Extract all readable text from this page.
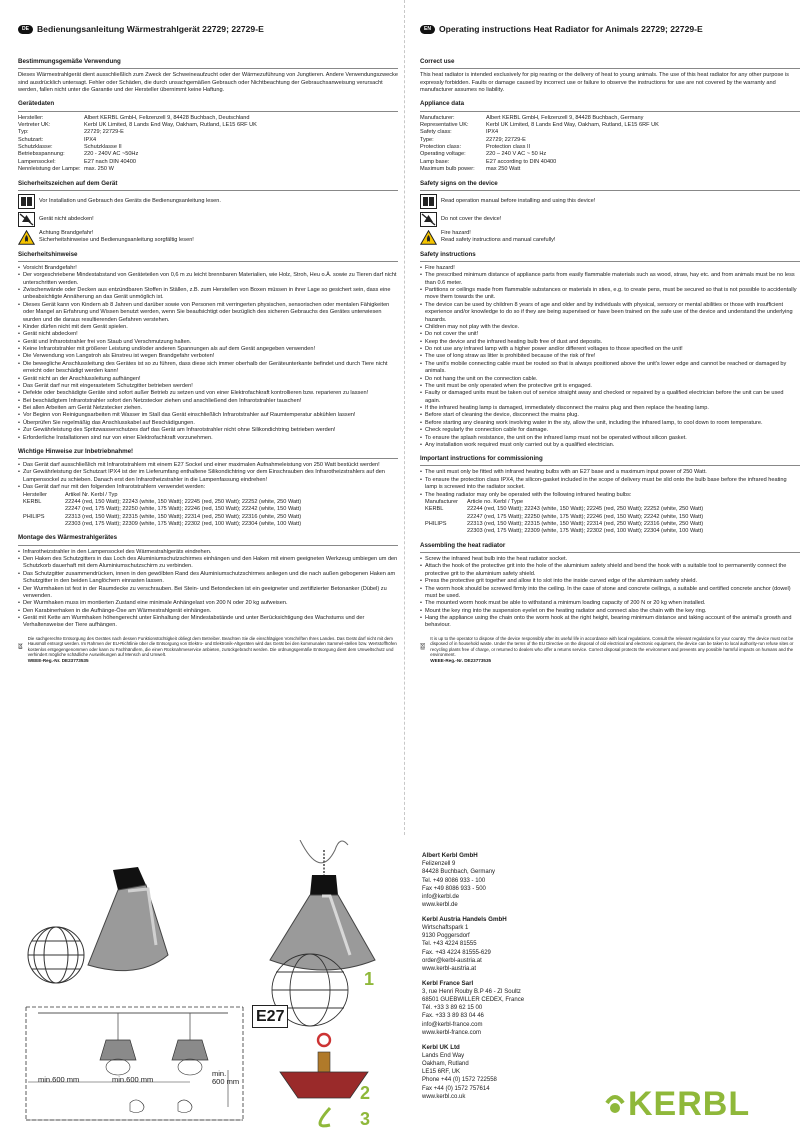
DE Bedienungsanleitung Wärmestrahlgerät 22729; 22729-E	EN Operating instructions Heat Radiator for Animals 22729; 22729-E
Bestimmungsgemäße Verwendung

Dieses Wärmestrahlgerät dient ausschließlich zum Zweck der Schweineaufzucht oder der Wärmezuführung von Jungtieren. Andere Verwendungszwecke sind ausdrücklich untersagt. Fehler oder Schäden, die durch unsachgemäßen Gebrauch oder Nichtbeachtung der Gebrauchsanweisung verursacht werden, fallen nicht unter die Garantie und der Hersteller übernimmt keine Haftung.

Gerätedaten
Hersteller:	Albert KERBL GmbH, Felizenzell 9, 84428 Buchbach, Deutschland
Vertreter UK:	Kerbl UK Limited, 8 Lands End Way, Oakham, Rutland, LE15 6RF UK
Typ:	22729; 22729-E
Schutzart:	IPX4
Schutzklasse:	Schutzklasse II
Betriebsspannung:	220 - 240V AC ~50Hz
Lampensockel:	E27 nach DIN 40400
Nennleistung der Lampe: max. 250 W
Sicherheitszeichen auf dem Gerät
Vor Installation und Gebrauch des Geräts die Bedienungsanleitung lesen.
Gerät nicht abdecken!
Achtung Brandgefahr!
Sicherheitshinweise und Bedienungsanleitung sorgfältig lesen!
Sicherheitshinweise
• Vorsicht Brandgefahr!
• Der vorgeschriebene Mindestabstand von Geräteteilen von 0,6 m zu leicht brennbaren Materialien, wie Holz, Stroh, Heu o.Ä. sowie zu Tieren darf nicht unterschritten werden.
• Zwischenwände oder Decken aus entzündbaren Stoffen in Ställen, z.B. zum Herstellen von Boxen müssen in ihrer Lage so gesichert sein, dass eine unbeabsichtigte Annäherung an das Gerät unmöglich ist.
• Dieses Gerät kann von Kindern ab 8 Jahren und darüber sowie von Personen mit verringerten physischen, sensorischen oder mentalen Fähigkeiten oder Mangel an Erfahrung und Wissen benutzt werden, wenn Sie beaufsichtigt oder bezüglich des sicheren Gebrauchs des Gerätes unterwiesen wurden und die daraus resultierenden Gefahren verstehen.
• Kinder dürfen nicht mit dem Gerät spielen.
• Gerät nicht abdecken!
• Gerät und Infrarotstrahler frei von Staub und Verschmutzung halten.
• Keine Infrarotstrahler mit größerer Leistung und/oder anderen Spannungen als auf dem Gerät angegeben verwenden!
• Die Verwendung von Langstroh als Einstreu ist wegen Brandgefahr verboten!
• Die bewegliche Anschlussleitung des Gerätes ist so zu führen, dass diese sich immer oberhalb der Geräteunterkante befindet und durch Tiere nicht erreicht oder beschädigt werden kann!
• Gerät nicht an der Anschlussleitung aufhängen!
• Das Gerät darf nur mit eingerastetem Schutzgitter betrieben werden!
• Defekte oder beschädigte Geräte sind sofort außer Betrieb zu setzen und von einer Elektrofachkraft kontrollieren bzw. reparieren zu lassen!
• Bei beschädigtem Infrarotstrahler sofort den Netzstecker ziehen und anschließend den Infrarotstrahler tauschen!
• Bei allen Arbeiten am Gerät Netzstecker ziehen.
• Vor Beginn von Reinigungsarbeiten mit Wasser im Stall das Gerät einschließlich Infrarotstrahler auf Raumtemperatur abkühlen lassen!
• Überprüfen Sie regelmäßig das Anschlusskabel auf Beschädigungen.
• Zur Gewährleistung des Spritzwasserschutzes darf das Gerät am Infrarotstrahler nicht ohne Silikondichtring betrieben werden!
• Erforderliche Installationen sind nur von einer Elektrofachkraft vorzunehmen.
Wichtige Hinweise zur Inbetriebnahme!
• Das Gerät darf ausschließlich mit Infrarotstrahlern mit einem E27 Sockel und einer maximalen Aufnahmeleistung von 250 Watt bestückt werden!
• Zur Gewährleistung der Schutzart IPX4 ist der im Lieferumfang enthaltene Silikondichtring vor dem Einschrauben des Infrarotheizstrahlers auf den Lampensockel zu schieben. Danach erst den Infrarotheizstrahler in die Lampenfassung eindrehen!
• Das Gerät darf nur mit den folgenden Infrarotstrahlern verwendet werden:
Hersteller	Artikel Nr. Kerbl / Typ
KERBL	22244 (red, 150 Watt); 22243 (white, 150 Watt); 22245 (red, 250 Watt); 22252 (white, 250 Watt)
22247 (red, 175 Watt); 22250 (white, 175 Watt); 22246 (red, 150 Watt); 22242 (white, 150 Watt)
PHILIPS	22313 (red, 150 Watt); 22315 (white, 150 Watt); 22314 (red, 250 Watt); 22316 (white, 250 Watt)
22303 (red, 175 Watt); 22309 (white, 175 Watt); 22302 (red, 100 Watt); 22304 (white, 100 Watt)
Montage des Wärmestrahlgerätes
• Infrarotheizstrahler in den Lampensockel des Wärmestrahlgeräts eindrehen.
• Den Haken des Schutzgitters in das Loch des Aluminiumschutzschirmes einhängen und den Haken mit einem geeigneten Werkzeug umbiegen um den Schutzkorb dauerhaft mit dem Aluminiumschutzschirm zu verbinden.
• Das Schutzgitter zusammendrücken, innen in den gewölbten Rand des Aluminiumschutzschirmes anliegen und die nach außen gebogenen Haken am Schutzgitter in den beiden Langlöchern einrasten lassen.
• Der Wurmhaken ist fest in der Raumdecke zu verschrauben. Bei Stein- und Betondecken ist ein geeigneter und zertifizierter Betonanker (Dübel) zu verwenden.
• Der Wurmhaken muss im montierten Zustand eine minimale Anhängelast von 200 N oder 20 kg aufweisen.
• Den Karabinerhaken in die Aufhänge-Öse am Wärmestrahlgerät einhängen.
• Gerät mit Kette am Wurmhaken höhengerecht unter Einhaltung der Mindestabstände und unter Berücksichtigung des Wachstums und der Verhaltensweise der Tiere aufhängen.
Die sachgerechte Entsorgung des Gerätes nach dessen Funktionstüchtigkeit obliegt dem Betreiber. Beachten Sie die einschlägigen Vorschriften Ihres Landes. Das Gerät darf nicht mit dem Hausmüll entsorgt werden. Im Rahmen der EU-Richtlinie über die Entsorgung von Elektro- und Elektronik-Altgeräten wird das Gerät bei den kommunalen Sammel-stellen bzw. Wertstoffhöfen kostenlos entgegengenommen oder kann zu Fachhändlern, die einen Rücknahmeservice anbieten, zurückgebracht werden. Die ordnungsgemäße Entsorgung dient dem Umweltschutz und verhindert mögliche schädliche Auswirkungen auf Mensch und Umwelt.
WEEE-Reg.-Nr. DE23773535
Correct use

This heat radiator is intended exclusively for pig rearing or the delivery of heat to young animals. The use of this heat radiator for any other purpose is expressly forbidden. Faults or damage caused by incorrect use or failure to observe the instructions for use are not covered by the warranty and manufacturer assumes no liability.

Appliance data
Manufacturer:	Albert KERBL GmbH, Felizenzell 9, 84428 Buchbach, Germany
Representative UK:	Kerbl UK Limited, 8 Lands End Way, Oakham, Rutland, LE15 6RF UK
Safety class:	IPX4
Type:	22729; 22729-E
Protection class:	Protection class II
Operating voltage:	220 – 240 V AC ~ 50 Hz
Lamp base:	E27 according to DIN 40400
Maximum bulb power:	max 250 Watt
Safety signs on the device
Read operation manual before installing and using this device!
Do not cover the device!
Fire hazard!
Read safety instructions and manual carefully!
Safety instructions
• Fire hazard!
• The prescribed minimum distance of appliance parts from easily flammable materials such as wood, straw, hay etc. and from animals must be no less than 0.6 meter.
• Partitions or ceilings made from flammable substances or materials in sties, e.g. to create pens, must be secured so that is not possible to accidentally move them towards the unit.
• The device can be used by children 8 years of age and older and by individuals with physical, sensory or mental abilities or those with insufficient experience and/or knowledge to do so if they are being supervised or have been trained on the safe use of the device and understand the underlying hazards.
• Children may not play with the device.
• Do not cover the unit!
• Keep the device and the infrared heating bulb free of dust and deposits.
• Do not use any infrared lamp with a higher power and/or different voltages to those specified on the unit!
• The use of long straw as litter is prohibited because of the risk of fire!
• The unit's mobile connecting cable must be routed so that is always positioned above the unit's lower edge and cannot be reached or damaged by animals.
• Do not hang the unit on the connection cable.
• The unit must be only operated when the protective grit is engaged.
• Faulty or damaged units must be taken out of service straight away and checked or repaired by a qualified electrician before the unit can be used again.
• If the infrared heating lamp is damaged, immediately disconnect the mains plug and then replace the heating lamp.
• Before start of cleaning the device, disconnect the mains plug.
• Before starting any cleaning work involving water in the sty, allow the unit, including the infrared lamp, to cool down to room temperature.
• Check regularly the connection cable for damage.
• To ensure the splash resistance, the unit on the infrared lamp must not be operated without silicon gasket.
• Any installation work required must only carried out by a qualified electrician.
Important instructions for commissioning
• The unit must only be fitted with infrared heating bulbs with an E27 base and a maximum input power of 250 Watt.
• To ensure the protection class IPX4, the silicon-gasket included in the scope of delivery must be slid onto the bulb base before the infrared heating lamp is screwed into the radiator socket.
• The heating radiator may only be operated with the following infrared heating bulbs:
Manufacturer	Article no. Kerbl / Type
KERBL	22244 (red, 150 Watt); 22243 (white, 150 Watt); 22245 (red, 250 Watt); 22252 (white, 250 Watt)
22247 (red, 175 Watt); 22250 (white, 175 Watt); 22246 (red, 150 Watt); 22242 (white, 150 Watt)
PHILIPS	22313 (red, 150 Watt); 22315 (white, 150 Watt); 22314 (red, 250 Watt); 22316 (white, 250 Watt)
22303 (red, 175 Watt); 22309 (white, 175 Watt); 22302 (red, 100 Watt); 22304 (white, 100 Watt)
Assembling the heat radiator
• Screw the infrared heat bulb into the heat radiator socket.
• Attach the hook of the protective grit into the hole of the aluminium safety shield and bend the hook with a suitable tool to permanently connect the protective grit to the aluminium safety shield.
• Press the protective grit together and allow it to slot into the inside curved edge of the aluminium safety shield.
• The worm hook should be screwed firmly into the ceiling. In the case of stone and concrete ceilings, a suitable and certified concrete anchor (dowel) must be used.
• The mounted worm hook must be able to withstand a minimum loading capacity of 200 N or 20 kg when installed.
• Mount the key ring into the suspension eyelet on the heating radiator and connect also the chain with the key ring.
• Hang the appliance using the chain onto the worm hook at the right height, bearing minimum distance and taking account of the animal's growth and behaviour.
It is up to the operator to dispose of the device responsibly after its useful life in accordance with local regulations. Consult the relevant regulations for your country. The device must not be disposed of in household waste. Under the terms of the EU Directive on the disposal of old electrical and electronic equipment, the device can be taken to local authority-run refuse sites or recycling plants free of charge, or returned to dealers who offer a returns service. Correct disposal protects the environment and prevents any possible harmful impacts on humans and the environment.
WEEE-Reg.-Nr. DE23773535
min.600 mm	min.600 mm
min.
600 mm
E27
1
2
3
Albert Kerbl GmbH
Felizenzell 9
84428 Buchbach, Germany
Tel. +49 8086 933 - 100
Fax +49 8086 933 - 500
info@kerbl.de
www.kerbl.de
Kerbl Austria Handels GmbH
Wirtschaftspark 1
9130 Poggersdorf
Tel. +43 4224 81555
Fax. +43 4224 81555-629
order@kerbl-austria.at
www.kerbl-austria.at
Kerbl France Sarl
3, rue Henri Rouby B.P 46 - ZI Soultz
68501 GUEBWILLER CEDEX, France
Tél. +33 3 89 62 15 00
Fax. +33 3 89 83 04 46
info@kerbl-france.com
www.kerbl-france.com
Kerbl UK Ltd
Lands End Way
Oakham, Rutland
LE15 6RF, UK
Phone +44 (0) 1572 722558
Fax +44 (0) 1572 757614
www.kerbl.co.uk	KERBL
